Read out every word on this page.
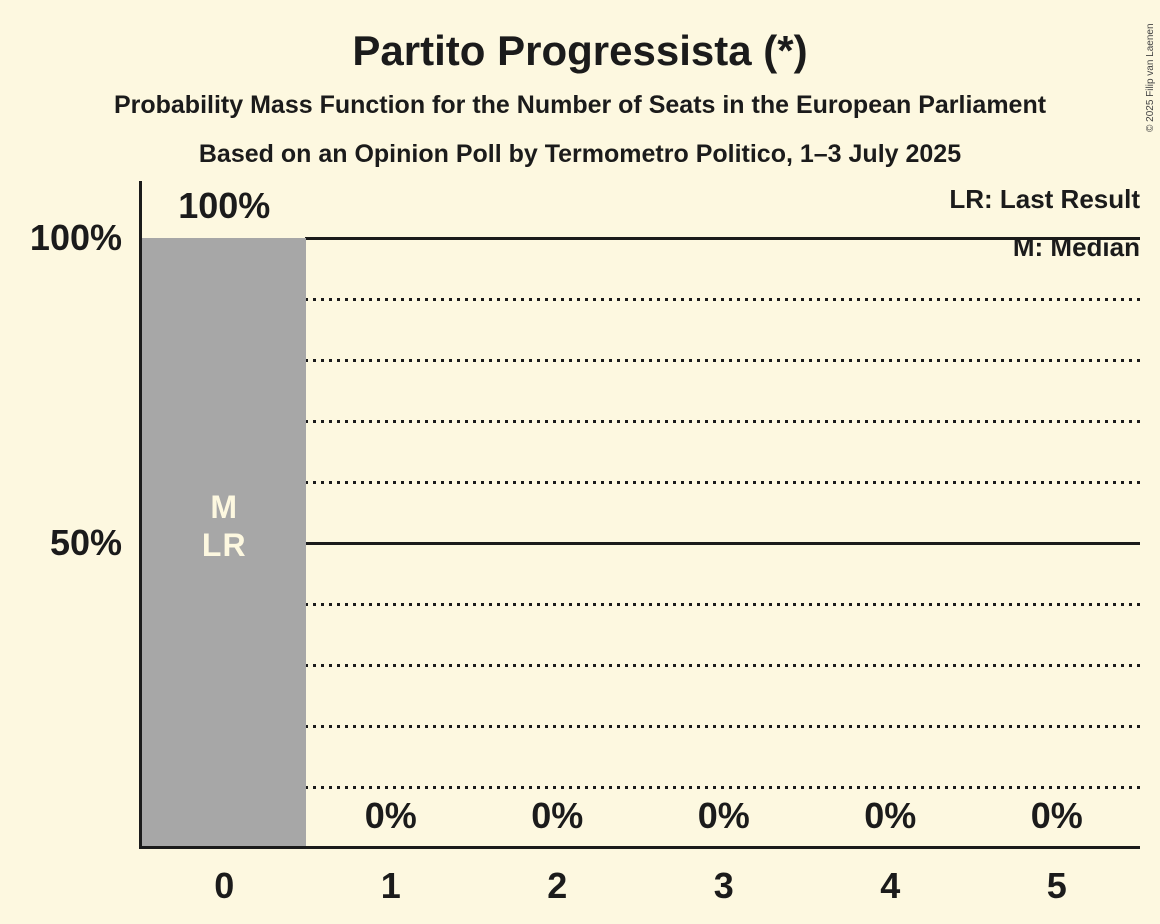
Partito Progressista (*)
Probability Mass Function for the Number of Seats in the European Parliament
Based on an Opinion Poll by Termometro Politico, 1–3 July 2025
LR: Last Result
M: Median
© 2025 Filip van Laenen
100%
50%
100%
0
0%
1
0%
2
0%
3
0%
4
0%
5
M
LR
